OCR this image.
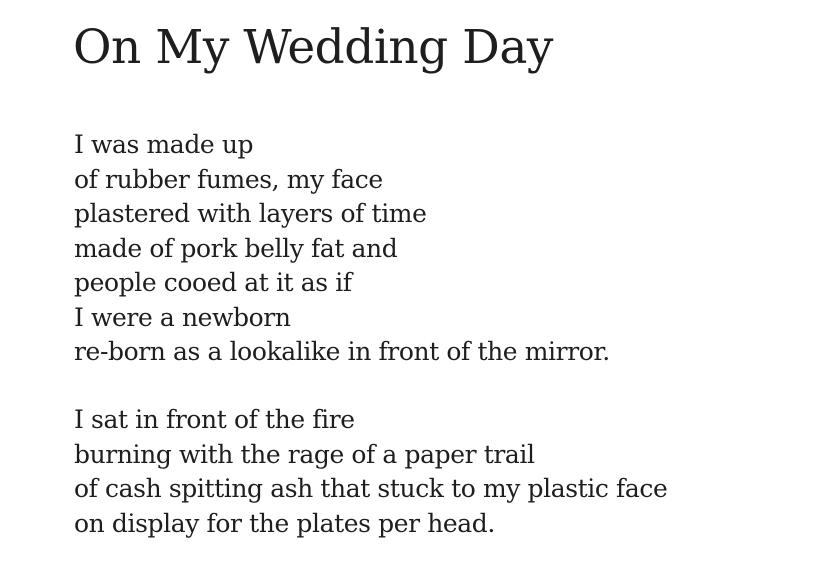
On My Wedding Day
I was made up
of rubber fumes, my face
plastered with layers of time
made of pork belly fat and
people cooed at it as if
I were a newborn
re-born as a lookalike in front of the mirror.
I sat in front of the fire
burning with the rage of a paper trail
of cash spitting ash that stuck to my plastic face
on display for the plates per head.
